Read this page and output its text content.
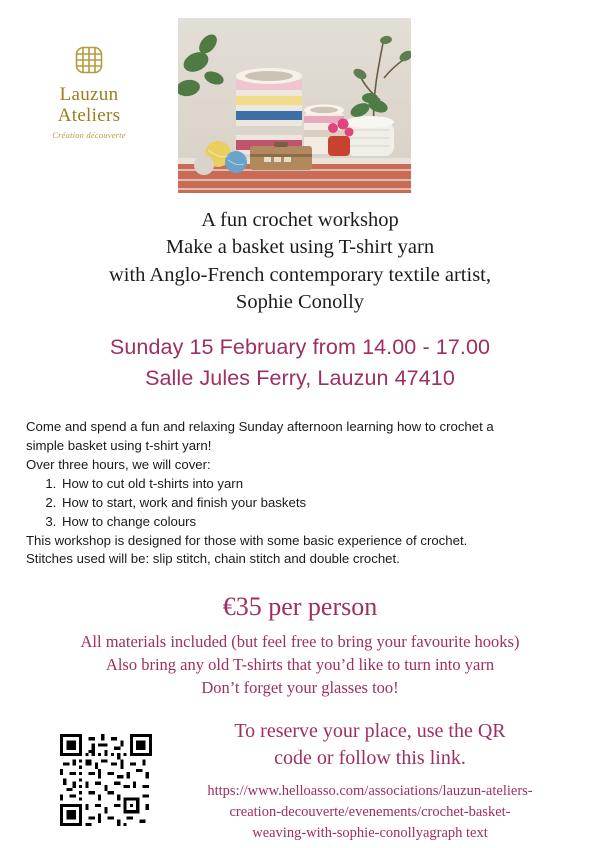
Lauzun
Ateliers
Création découverte
A fun crochet workshop
Make a basket using T-shirt yarn
with Anglo-French contemporary textile artist,
Sophie Conolly
Sunday 15 February from 14.00 - 17.00
Salle Jules Ferry, Lauzun 47410

Come and spend a fun and relaxing Sunday afternoon learning how to crochet a

simple basket using t-shirt yarn!

Over three hours, we will cover:

1. How to cut old t-shirts into yarn
2. How to start, work and finish your baskets
3. How to change colours

This workshop is designed for those with some basic experience of crochet.

Stitches used will be: slip stitch, chain stitch and double crochet.

€35 per person
All materials included (but feel free to bring your favourite hooks)
Also bring any old T-shirts that you’d like to turn into yarn
Don’t forget your glasses too!
To reserve your place, use the QR
code or follow this link.
https://www.helloasso.com/associations/lauzun-ateliers-
creation-decouverte/evenements/crochet-basket-
weaving-with-sophie-conollyagraph text
